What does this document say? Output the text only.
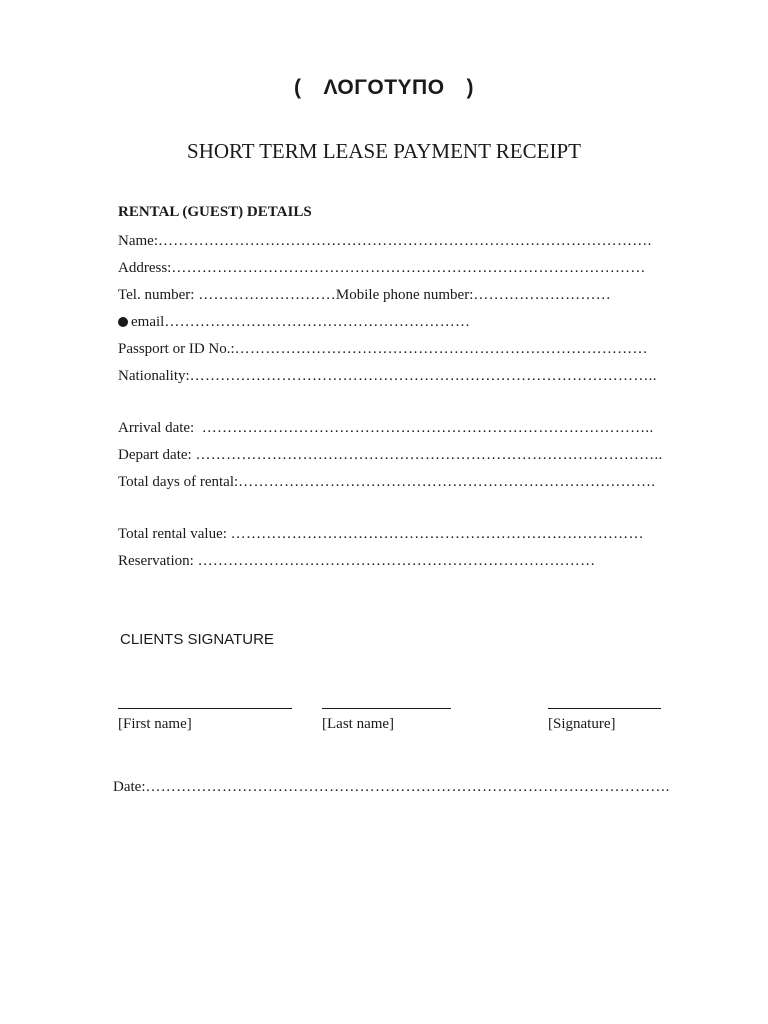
( ΛΟΓΟΤΥΠΟ )
SHORT TERM LEASE PAYMENT RECEIPT
RENTAL (GUEST) DETAILS
Name:…………………………………………………………………………………….
Address:…………………………………………………………………………………
Tel. number: ………………………Mobile phone number:………………………
email……………………………………………………
Passport or ID No.:………………………………………………………………………
Nationality:………………………………………………………………………………..
Arrival date:  ……………………………………………………………………………..
Depart date: ………………………………………………………………………………..
Total days of rental:……………………………………………………………………….
Total rental value: ………………………………………………………………………
Reservation: ……………………………………………………………………
CLIENTS SIGNATURE
[First name]	[Last name]	[Signature]
Date:………………………………………………………………………………………….
